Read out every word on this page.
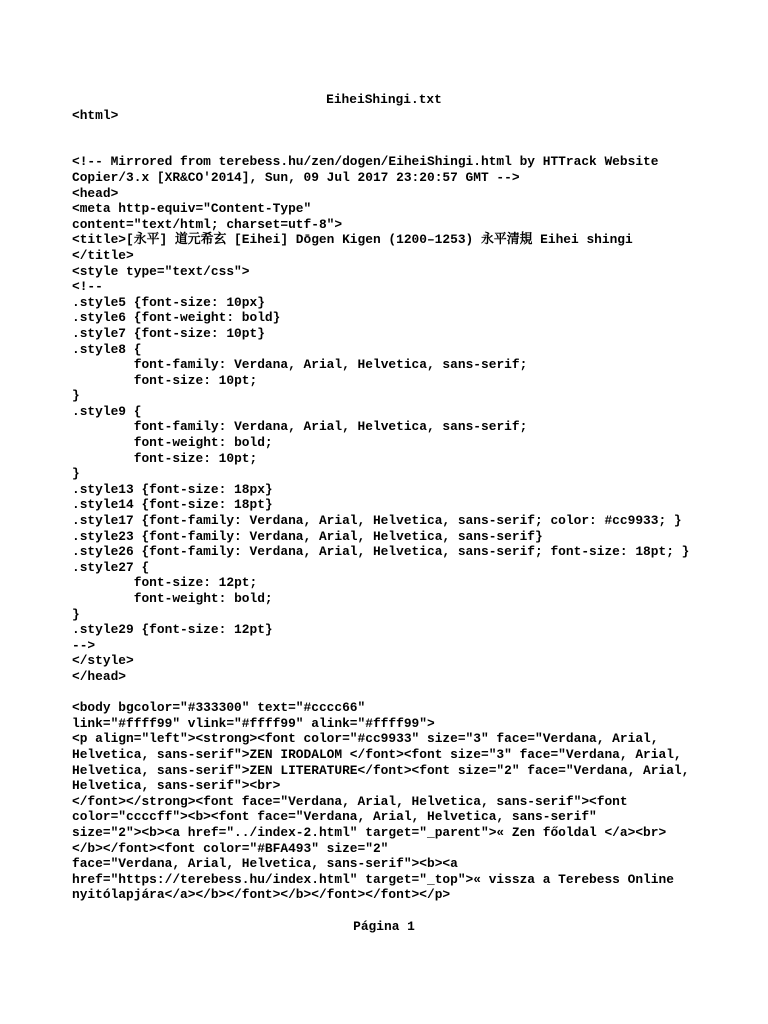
EiheiShingi.txt
<html>
<!-- Mirrored from terebess.hu/zen/dogen/EiheiShingi.html by HTTrack Website
Copier/3.x [XR&CO'2014], Sun, 09 Jul 2017 23:20:57 GMT -->
<head>
<meta http-equiv="Content-Type"
content="text/html; charset=utf-8">
<title>[永平] 道元希玄 [Eihei] Dōgen Kigen (1200–1253) 永平清規 Eihei shingi
</title>
<style type="text/css">
<!--
.style5 {font-size: 10px}
.style6 {font-weight: bold}
.style7 {font-size: 10pt}
.style8 {
	font-family: Verdana, Arial, Helvetica, sans-serif;
	font-size: 10pt;
}
.style9 {
	font-family: Verdana, Arial, Helvetica, sans-serif;
	font-weight: bold;
	font-size: 10pt;
}
.style13 {font-size: 18px}
.style14 {font-size: 18pt}
.style17 {font-family: Verdana, Arial, Helvetica, sans-serif; color: #cc9933; }
.style23 {font-family: Verdana, Arial, Helvetica, sans-serif}
.style26 {font-family: Verdana, Arial, Helvetica, sans-serif; font-size: 18pt; }
.style27 {
	font-size: 12pt;
	font-weight: bold;
}
.style29 {font-size: 12pt}
-->
</style>
</head>
<body bgcolor="#333300" text="#cccc66"
link="#ffff99" vlink="#ffff99" alink="#ffff99">
<p align="left"><strong><font color="#cc9933" size="3" face="Verdana, Arial,
Helvetica, sans-serif">ZEN IRODALOM </font><font size="3" face="Verdana, Arial,
Helvetica, sans-serif">ZEN LITERATURE</font><font size="2" face="Verdana, Arial,
Helvetica, sans-serif"><br>
</font></strong><font face="Verdana, Arial, Helvetica, sans-serif"><font
color="ccccff"><b><font face="Verdana, Arial, Helvetica, sans-serif"
size="2"><b><a href="../index-2.html" target="_parent">« Zen főoldal </a><br>
</b></font><font color="#BFA493" size="2"
face="Verdana, Arial, Helvetica, sans-serif"><b><a
href="https://terebess.hu/index.html" target="_top">« vissza a Terebess Online
nyitólapjára</a></b></font></b></font></font></p>
Página 1
